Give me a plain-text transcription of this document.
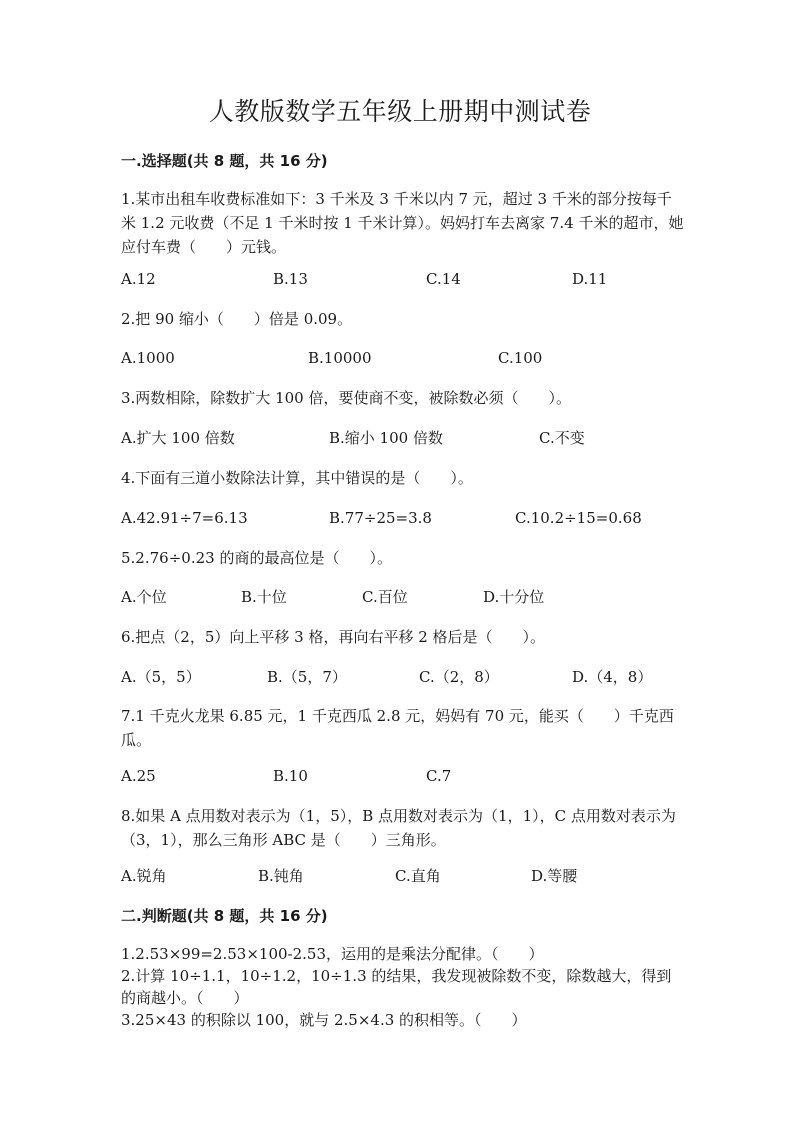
人教版数学五年级上册期中测试卷
一.选择题(共 8 题，共 16 分)
1.某市出租车收费标准如下：3 千米及 3 千米以内 7 元，超过 3 千米的部分按每千米 1.2 元收费（不足 1 千米时按 1 千米计算）。妈妈打车去离家 7.4 千米的超市，她应付车费（　　）元钱。
A.12	B.13	C.14	D.11
2.把 90 缩小（　　）倍是 0.09。
A.1000	B.10000	C.100
3.两数相除，除数扩大 100 倍，要使商不变，被除数必须（　　）。
A.扩大 100 倍数	B.缩小 100 倍数	C.不变
4.下面有三道小数除法计算，其中错误的是（　　）。
A.42.91÷7=6.13	B.77÷25=3.8	C.10.2÷15=0.68
5.2.76÷0.23 的商的最高位是（　　）。
A.个位	B.十位	C.百位	D.十分位
6.把点（2，5）向上平移 3 格，再向右平移 2 格后是（　　）。
A.（5，5）	B.（5，7）	C.（2，8）	D.（4，8）
7.1 千克火龙果 6.85 元，1 千克西瓜 2.8 元，妈妈有 70 元，能买（　　）千克西瓜。
A.25	B.10	C.7
8.如果 A 点用数对表示为（1，5），B 点用数对表示为（1，1），C 点用数对表示为（3，1），那么三角形 ABC 是（　　）三角形。
A.锐角	B.钝角	C.直角	D.等腰
二.判断题(共 8 题，共 16 分)
1.2.53×99=2.53×100-2.53，运用的是乘法分配律。（　　）
2.计算 10÷1.1，10÷1.2，10÷1.3 的结果，我发现被除数不变，除数越大，得到的商越小。（　　）
3.25×43 的积除以 100，就与 2.5×4.3 的积相等。（　　）
